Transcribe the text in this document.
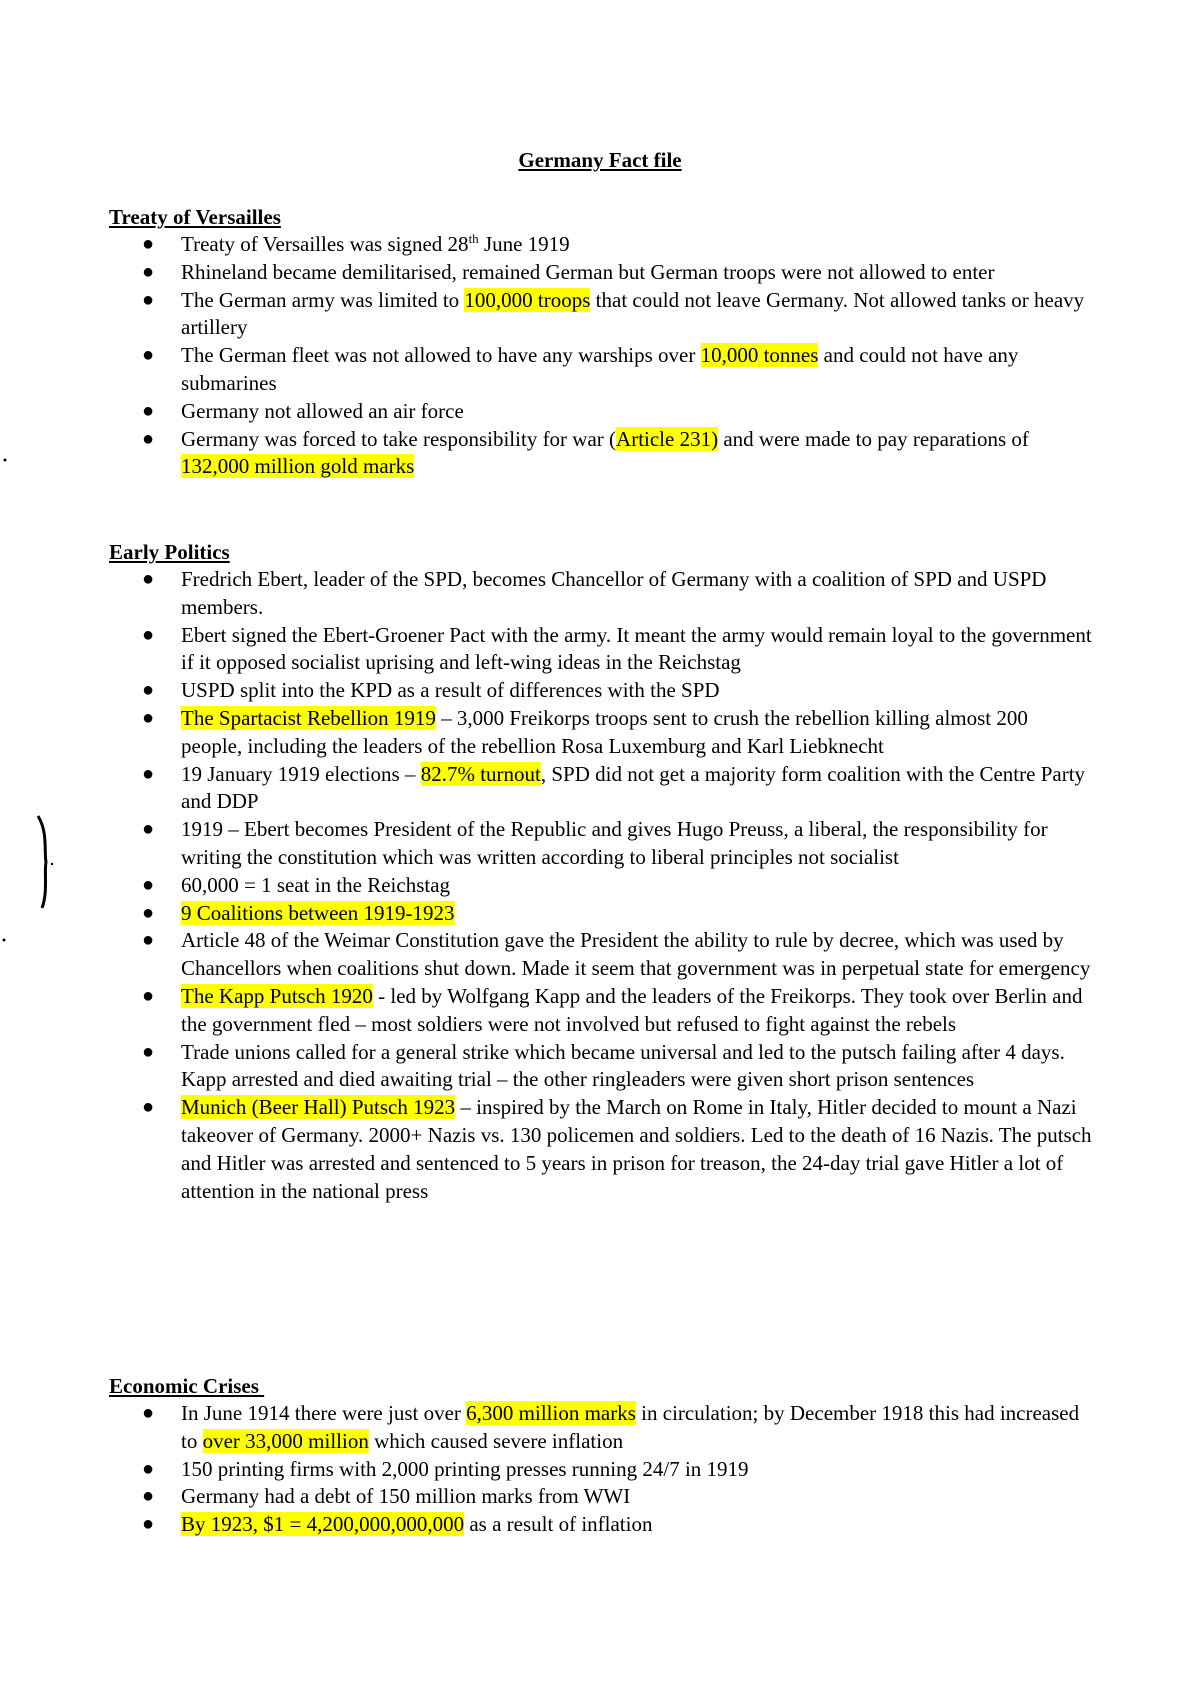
Germany Fact file
Treaty of Versailles
● Treaty of Versailles was signed 28th June 1919
● Rhineland became demilitarised, remained German but German troops were not allowed to enter
● The German army was limited to 100,000 troops that could not leave Germany. Not allowed tanks or heavy artillery
● The German fleet was not allowed to have any warships over 10,000 tonnes and could not have any submarines
● Germany not allowed an air force
● Germany was forced to take responsibility for war (Article 231) and were made to pay reparations of 132,000 million gold marks
Early Politics
● Fredrich Ebert, leader of the SPD, becomes Chancellor of Germany with a coalition of SPD and USPD members.
● Ebert signed the Ebert-Groener Pact with the army. It meant the army would remain loyal to the government if it opposed socialist uprising and left-wing ideas in the Reichstag
● USPD split into the KPD as a result of differences with the SPD
● The Spartacist Rebellion 1919 – 3,000 Freikorps troops sent to crush the rebellion killing almost 200 people, including the leaders of the rebellion Rosa Luxemburg and Karl Liebknecht
● 19 January 1919 elections – 82.7% turnout, SPD did not get a majority form coalition with the Centre Party and DDP
● 1919 – Ebert becomes President of the Republic and gives Hugo Preuss, a liberal, the responsibility for writing the constitution which was written according to liberal principles not socialist
● 60,000 = 1 seat in the Reichstag
● 9 Coalitions between 1919-1923
● Article 48 of the Weimar Constitution gave the President the ability to rule by decree, which was used by Chancellors when coalitions shut down. Made it seem that government was in perpetual state for emergency
● The Kapp Putsch 1920 - led by Wolfgang Kapp and the leaders of the Freikorps. They took over Berlin and the government fled – most soldiers were not involved but refused to fight against the rebels
● Trade unions called for a general strike which became universal and led to the putsch failing after 4 days. Kapp arrested and died awaiting trial – the other ringleaders were given short prison sentences
● Munich (Beer Hall) Putsch 1923 – inspired by the March on Rome in Italy, Hitler decided to mount a Nazi takeover of Germany. 2000+ Nazis vs. 130 policemen and soldiers. Led to the death of 16 Nazis. The putsch and Hitler was arrested and sentenced to 5 years in prison for treason, the 24-day trial gave Hitler a lot of attention in the national press
Economic Crises
● In June 1914 there were just over 6,300 million marks in circulation; by December 1918 this had increased to over 33,000 million which caused severe inflation
● 150 printing firms with 2,000 printing presses running 24/7 in 1919
● Germany had a debt of 150 million marks from WWI
● By 1923, $1 = 4,200,000,000,000 as a result of inflation
